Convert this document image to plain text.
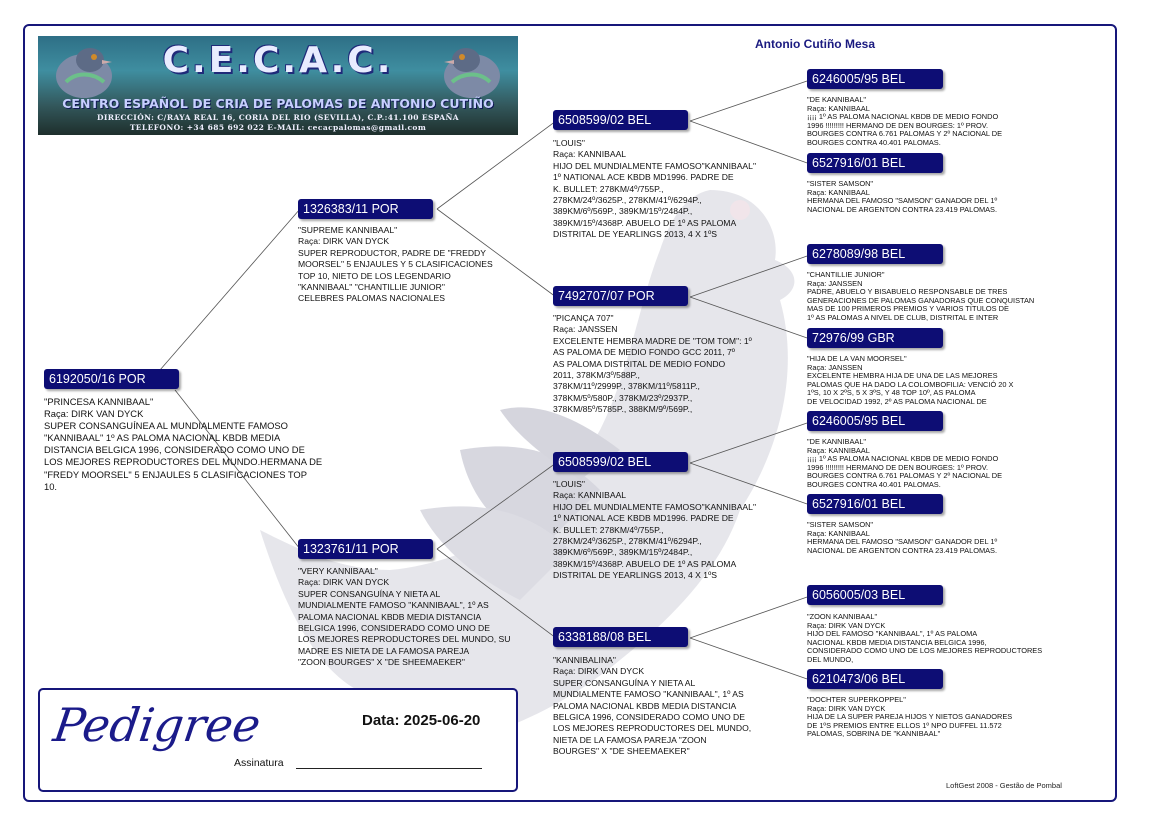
C.E.C.A.C.
CENTRO ESPAÑOL DE CRIA DE PALOMAS DE ANTONIO CUTIÑO
DIRECCIÓN: C/RAYA REAL 16, CORIA DEL RIO (SEVILLA), C.P.:41.100 ESPAÑA
TELEFONO: +34 685 692 022 E-MAIL: cecacpalomas@gmail.com
Antonio Cutiño Mesa
6192050/16 POR
"PRINCESA KANNIBAAL"
Raça: DIRK VAN DYCK
SUPER CONSANGUÍNEA AL MUNDIALMENTE FAMOSO
"KANNIBAAL" 1º AS PALOMA NACIONAL KBDB MEDIA
DISTANCIA BELGICA 1996, CONSIDERADO COMO UNO DE
LOS MEJORES REPRODUCTORES DEL MUNDO.HERMANA DE
"FREDY MOORSEL" 5 ENJAULES 5 CLASIFICACIONES TOP
10.
1326383/11 POR
"SUPREME KANNIBAAL"
Raça: DIRK VAN DYCK
SUPER REPRODUCTOR, PADRE DE "FREDDY
MOORSEL" 5 ENJAULES Y 5 CLASIFICACIONES
TOP 10, NIETO DE LOS LEGENDARIO
"KANNIBAAL" "CHANTILLIE JUNIOR"
CELEBRES PALOMAS NACIONALES
1323761/11 POR
"VERY KANNIBAAL"
Raça: DIRK VAN DYCK
SUPER CONSANGUÍNA Y NIETA AL
MUNDIALMENTE FAMOSO "KANNIBAAL", 1º AS
PALOMA NACIONAL KBDB MEDIA DISTANCIA
BELGICA 1996, CONSIDERADO COMO UNO DE
LOS MEJORES REPRODUCTORES DEL MUNDO, SU
MADRE ES NIETA DE LA FAMOSA PAREJA
"ZOON BOURGES" X "DE SHEEMAEKER"
6508599/02 BEL
"LOUIS"
Raça: KANNIBAAL
HIJO DEL MUNDIALMENTE FAMOSO"KANNIBAAL"
1º NATIONAL ACE KBDB MD1996. PADRE DE
K. BULLET: 278KM/4º/755P.,
278KM/24º/3625P., 278KM/41º/6294P.,
389KM/6º/569P., 389KM/15º/2484P.,
389KM/15º/4368P. ABUELO DE 1º AS PALOMA
DISTRITAL DE YEARLINGS 2013, 4 X 1ºS
7492707/07 POR
"PICANÇA 707"
Raça: JANSSEN
EXCELENTE HEMBRA MADRE DE "TOM TOM": 1º
AS PALOMA DE MEDIO FONDO GCC 2011, 7º
AS PALOMA DISTRITAL DE MEDIO FONDO
2011, 378KM/3º/588P.,
378KM/11º/2999P., 378KM/11º/5811P.,
378KM/5º/580P., 378KM/23º/2937P.,
378KM/85º/5785P., 388KM/9º/569P.,
6508599/02 BEL
"LOUIS"
Raça: KANNIBAAL
HIJO DEL MUNDIALMENTE FAMOSO"KANNIBAAL"
1º NATIONAL ACE KBDB MD1996. PADRE DE
K. BULLET: 278KM/4º/755P.,
278KM/24º/3625P., 278KM/41º/6294P.,
389KM/6º/569P., 389KM/15º/2484P.,
389KM/15º/4368P. ABUELO DE 1º AS PALOMA
DISTRITAL DE YEARLINGS 2013, 4 X 1ºS
6338188/08 BEL
"KANNIBALINA"
Raça: DIRK VAN DYCK
SUPER CONSANGUÍNA Y NIETA AL
MUNDIALMENTE FAMOSO "KANNIBAAL", 1º AS
PALOMA NACIONAL KBDB MEDIA DISTANCIA
BELGICA 1996, CONSIDERADO COMO UNO DE
LOS MEJORES REPRODUCTORES DEL MUNDO,
NIETA DE LA FAMOSA PAREJA "ZOON
BOURGES" X "DE SHEEMAEKER"
6246005/95 BEL
"DE KANNIBAAL"
Raça: KANNIBAAL
¡¡¡¡ 1º AS PALOMA NACIONAL KBDB DE MEDIO FONDO
1996 !!!!!!!!! HERMANO DE DEN BOURGES: 1º PROV.
BOURGES CONTRA 6.761 PALOMAS Y 2º NACIONAL DE
BOURGES CONTRA 40.401 PALOMAS.
6527916/01 BEL
"SISTER SAMSON"
Raça: KANNIBAAL
HERMANA DEL FAMOSO "SAMSON" GANADOR DEL 1º
NACIONAL DE ARGENTON CONTRA 23.419 PALOMAS.
6278089/98 BEL
"CHANTILLIE JUNIOR"
Raça: JANSSEN
PADRE, ABUELO Y BISABUELO RESPONSABLE DE TRES
GENERACIONES DE PALOMAS GANADORAS QUE CONQUISTAN
MAS DE 100 PRIMEROS PREMIOS Y VARIOS TITULOS DE
1º AS PALOMAS A NIVEL DE CLUB, DISTRITAL E INTER
72976/99 GBR
"HIJA DE LA VAN MOORSEL"
Raça: JANSSEN
EXCELENTE HEMBRA HIJA DE UNA DE LAS MEJORES
PALOMAS QUE HA DADO LA COLOMBOFILIA: VENCIÓ 20 X
1ºS, 10 X 2ºS, 5 X 3ºS, Y 48 TOP 10º, AS PALOMA
DE VELOCIDAD 1992, 2º AS PALOMA NACIONAL DE
6246005/95 BEL
"DE KANNIBAAL"
Raça: KANNIBAAL
¡¡¡¡ 1º AS PALOMA NACIONAL KBDB DE MEDIO FONDO
1996 !!!!!!!!! HERMANO DE DEN BOURGES: 1º PROV.
BOURGES CONTRA 6.761 PALOMAS Y 2º NACIONAL DE
BOURGES CONTRA 40.401 PALOMAS.
6527916/01 BEL
"SISTER SAMSON"
Raça: KANNIBAAL
HERMANA DEL FAMOSO "SAMSON" GANADOR DEL 1º
NACIONAL DE ARGENTON CONTRA 23.419 PALOMAS.
6056005/03 BEL
"ZOON KANNIBAAL"
Raça: DIRK VAN DYCK
HIJO DEL FAMOSO "KANNIBAAL", 1º AS PALOMA
NACIONAL KBDB MEDIA DISTANCIA BELGICA 1996,
CONSIDERADO COMO UNO DE LOS MEJORES REPRODUCTORES
DEL MUNDO,
6210473/06 BEL
"DOCHTER SUPERKOPPEL"
Raça: DIRK VAN DYCK
HIJA DE LA SUPER PAREJA HIJOS Y NIETOS GANADORES
DE 1ºS PREMIOS ENTRE ELLOS 1º NPO DUFFEL 11.572
PALOMAS, SOBRINA DE "KANNIBAAL"
Pedigree	Data: 2025-06-20
Assinatura
LoftGest 2008 - Gestão de Pombal
